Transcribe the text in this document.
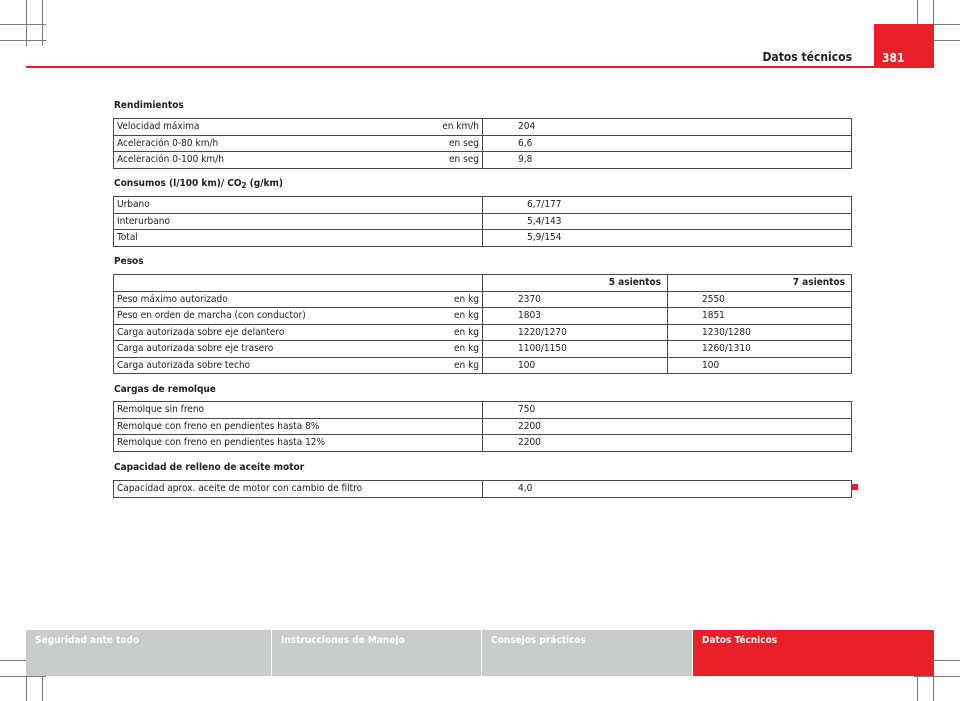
Datos técnicos	381
Rendimientos
Velocidad máxima	en km/h	204
Aceleración 0-80 km/h	en seg	6,6
Aceleración 0-100 km/h	en seg	9,8
Consumos (l/100 km)/ $CO_2$ (g/km)
Urbano	6,7/177
Interurbano	5,4/143
Total	5,9/154
Pesos
		5 asientos	7 asientos
Peso máximo autorizado	en kg	2370	2550
Peso en orden de marcha (con conductor)	en kg	1803	1851
Carga autorizada sobre eje delantero	en kg	1220/1270	1230/1280
Carga autorizada sobre eje trasero	en kg	1100/1150	1260/1310
Carga autorizada sobre techo	en kg	100	100
Cargas de remolque
Remolque sin freno	750
Remolque con freno en pendientes hasta 8%	2200
Remolque con freno en pendientes hasta 12%	2200
Capacidad de relleno de aceite motor
Capacidad aprox. aceite de motor con cambio de filtro	4,0
Seguridad ante todo	Instrucciones de Manejo	Consejos prácticos	Datos Técnicos
